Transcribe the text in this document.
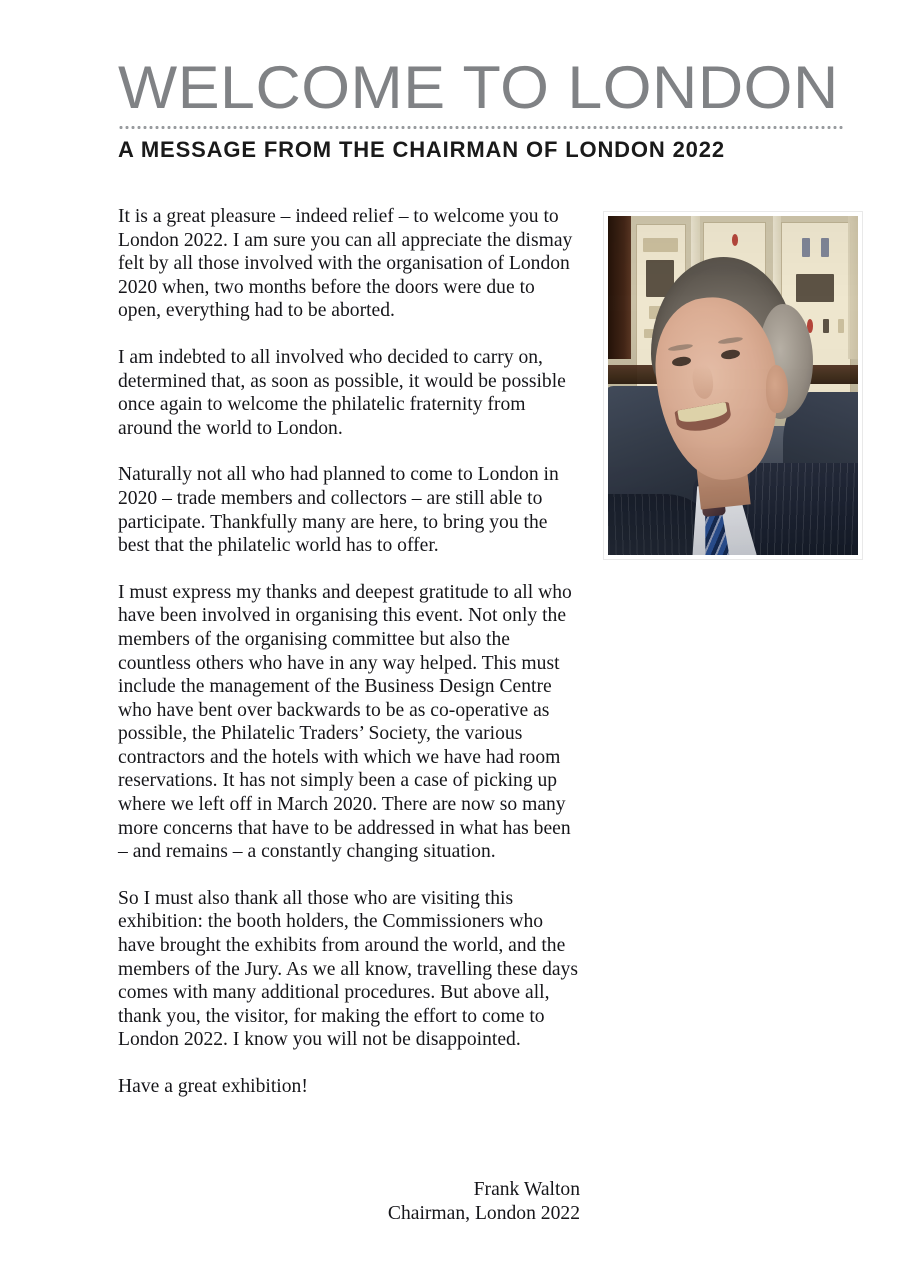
WELCOME TO LONDON
A MESSAGE FROM THE CHAIRMAN OF LONDON 2022

It is a great pleasure – indeed relief – to welcome you to London 2022. I am sure you can all appreciate the dismay felt by all those involved with the organisation of London 2020 when, two months before the doors were due to open, everything had to be aborted.

I am indebted to all involved who decided to carry on, determined that, as soon as possible, it would be possible once again to welcome the philatelic fraternity from around the world to London.

Naturally not all who had planned to come to London in 2020 – trade members and collectors – are still able to participate. Thankfully many are here, to bring you the best that the philatelic world has to offer.

I must express my thanks and deepest gratitude to all who have been involved in organising this event. Not only the members of the organising committee but also the countless others who have in any way helped. This must include the management of the Business Design Centre who have bent over backwards to be as co-operative as possible, the Philatelic Traders’ Society, the various contractors and the hotels with which we have had room reservations. It has not simply been a case of picking up where we left off in March 2020. There are now so many more concerns that have to be addressed in what has been – and remains – a constantly changing situation.

So I must also thank all those who are visiting this exhibition: the booth holders, the Commissioners who have brought the exhibits from around the world, and the members of the Jury. As we all know, travelling these days comes with many additional procedures. But above all, thank you, the visitor, for making the effort to come to London 2022. I know you will not be disappointed.

Have a great exhibition!

Frank Walton
Chairman, London 2022
